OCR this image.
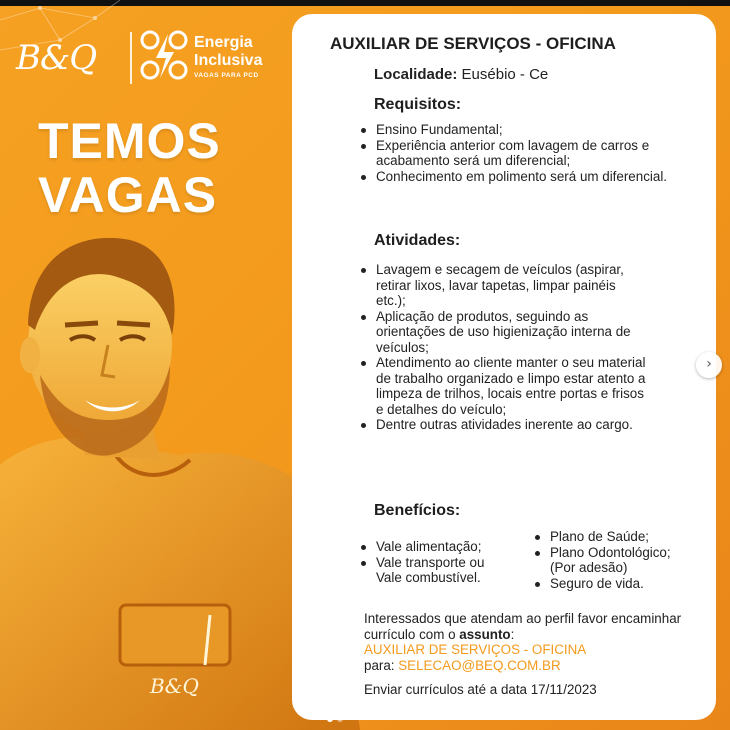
B&Q	Energia
Inclusiva
VAGAS PARA PCD
TEMOS
VAGAS
B&Q
AUXILIAR DE SERVIÇOS - OFICINA
Localidade: Eusébio - Ce
Requisitos:
Ensino Fundamental;
Experiência anterior com lavagem de carros e acabamento será um diferencial;
Conhecimento em polimento será um diferencial.
Atividades:
Lavagem e secagem de veículos (aspirar, retirar lixos, lavar tapetas, limpar painéis etc.);
Aplicação de produtos, seguindo as orientações de uso higienização interna de veículos;
Atendimento ao cliente manter o seu material de trabalho organizado e limpo estar atento a limpeza de trilhos, locais entre portas e frisos e detalhes do veículo;
Dentre outras atividades inerente ao cargo.
Benefícios:
Vale alimentação;
Vale transporte ou Vale combustível.
Plano de Saúde;
Plano Odontológico; (Por adesão)
Seguro de vida.
Interessados que atendam ao perfil favor encaminhar currículo com o assunto:
AUXILIAR DE SERVIÇOS - OFICINA
para: SELECAO@BEQ.COM.BR
Enviar currículos até a data 17/11/2023
›
